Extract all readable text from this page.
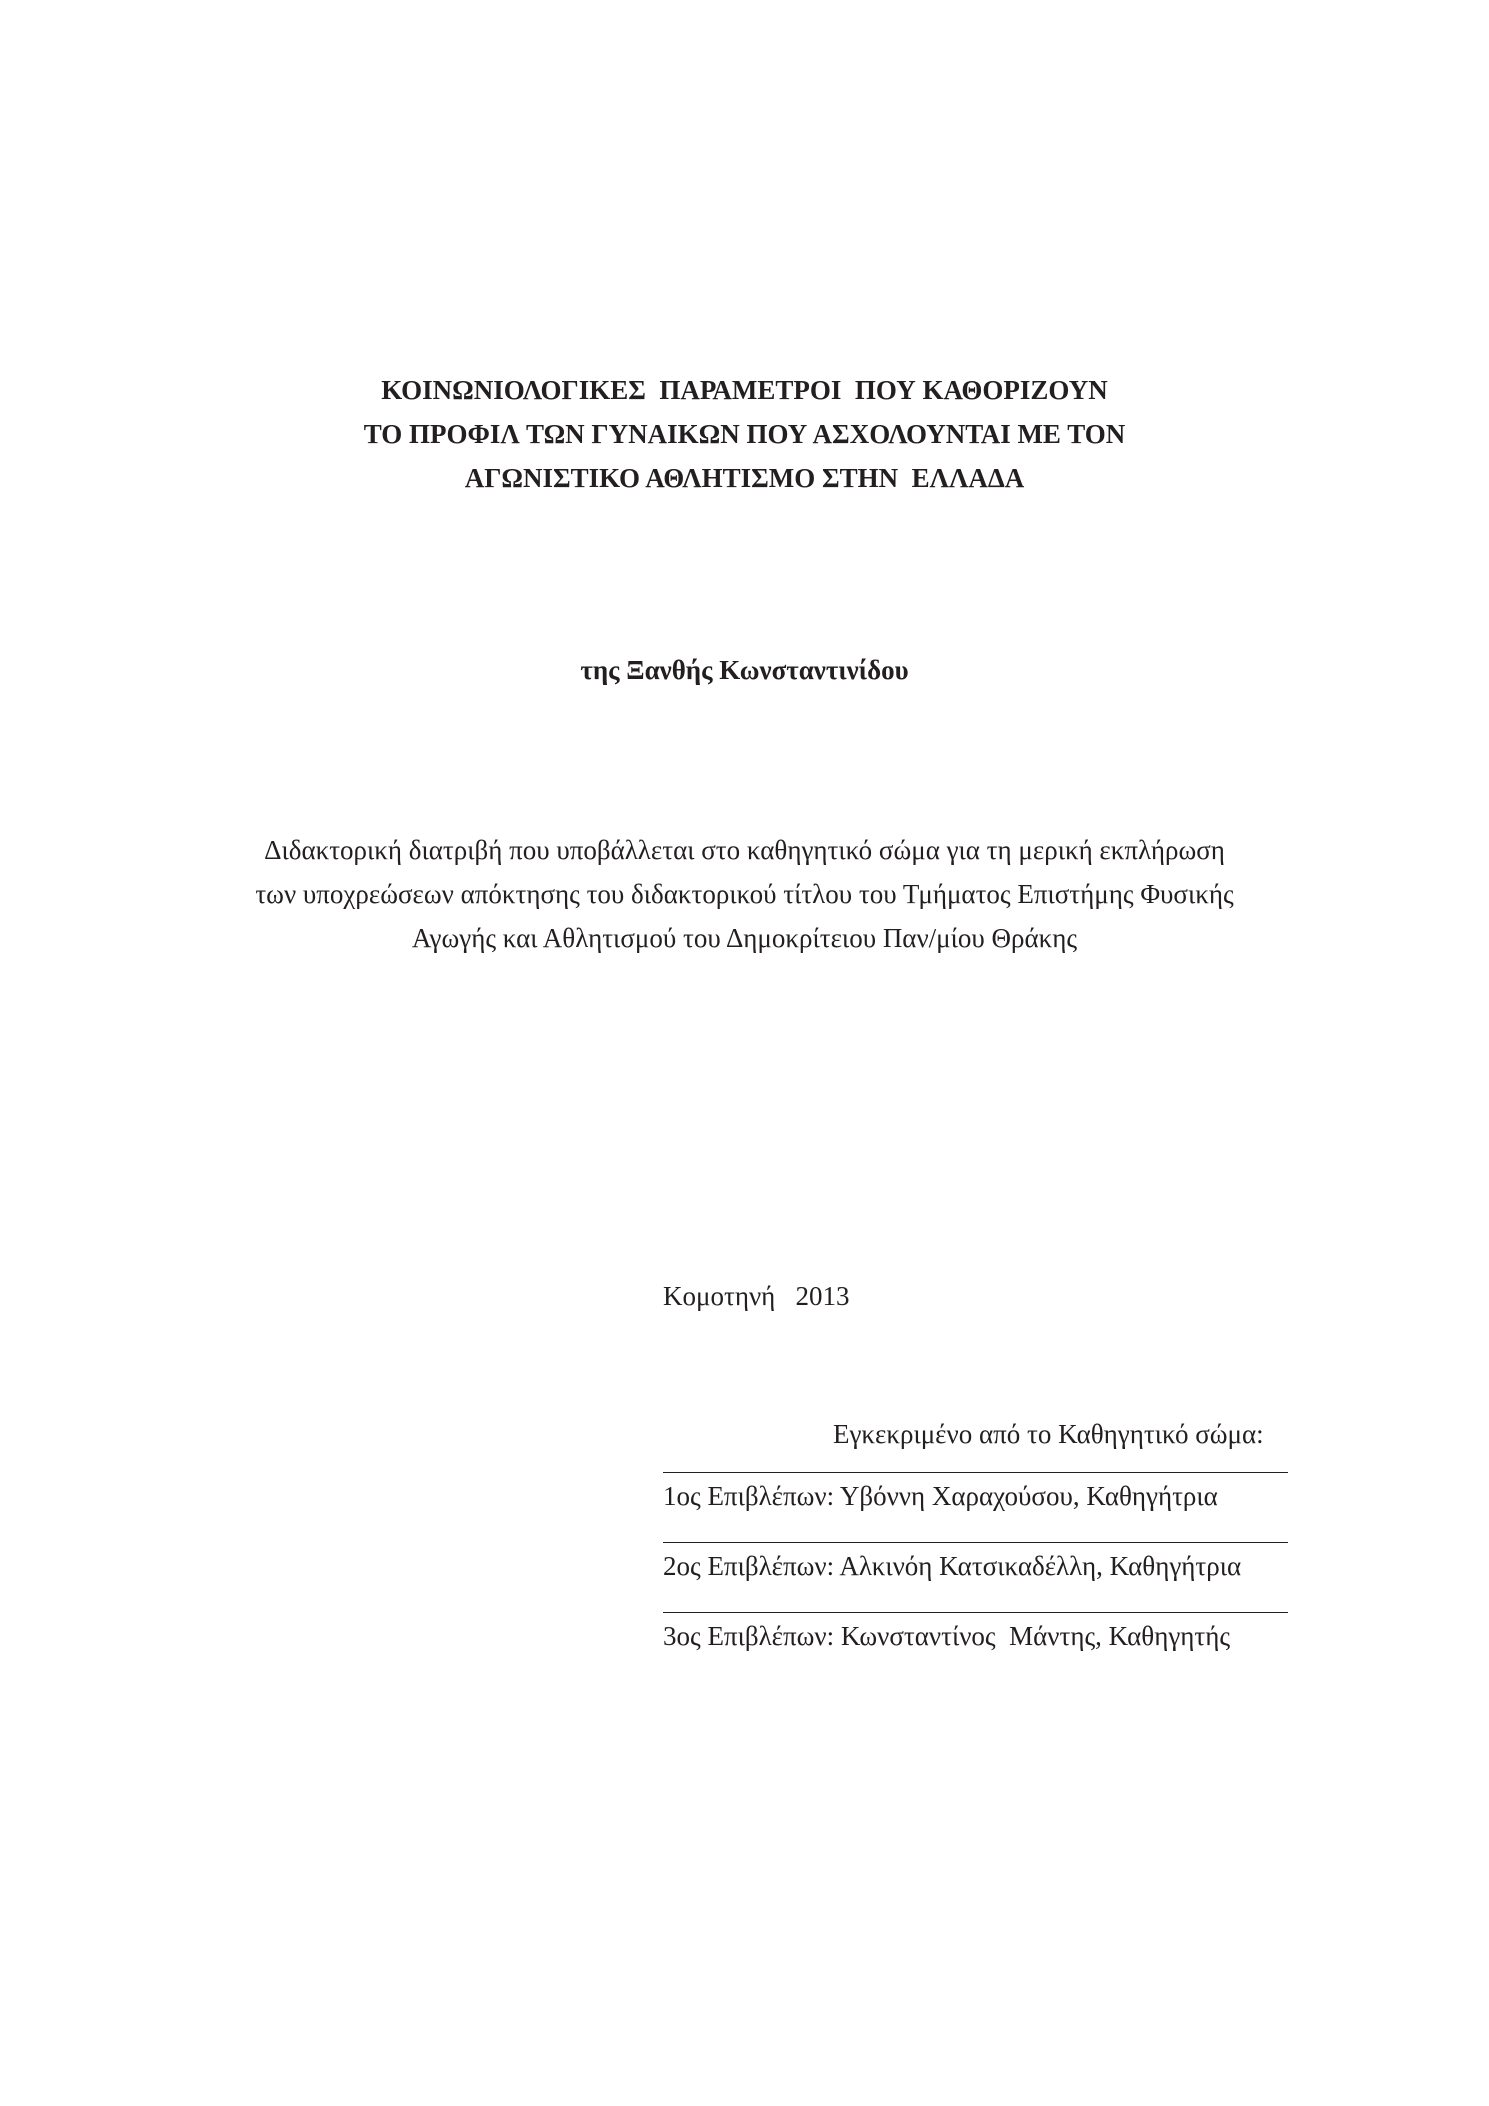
ΚΟΙΝΩΝΙΟΛΟΓΙΚΕΣ  ΠΑΡΑΜΕΤΡΟΙ  ΠΟΥ ΚΑΘΟΡΙΖΟΥΝ
ΤΟ ΠΡΟΦΙΛ ΤΩΝ ΓΥΝΑΙΚΩΝ ΠΟΥ ΑΣΧΟΛΟΥΝΤΑΙ ΜΕ ΤΟΝ
ΑΓΩΝΙΣΤΙΚΟ ΑΘΛΗΤΙΣΜΟ ΣΤΗΝ  ΕΛΛΑΔΑ
της Ξανθής Κωνσταντινίδου
Διδακτορική διατριβή που υποβάλλεται στο καθηγητικό σώμα για τη μερική εκπλήρωση
των υποχρεώσεων απόκτησης του διδακτορικού τίτλου του Τμήματος Επιστήμης Φυσικής
Αγωγής και Αθλητισμού του Δημοκρίτειου Παν/μίου Θράκης
Κομοτηνή   2013
Εγκεκριμένο από το Καθηγητικό σώμα:
1ος Επιβλέπων: Υβόννη Χαραχούσου, Καθηγήτρια
2ος Επιβλέπων: Αλκινόη Κατσικαδέλλη, Καθηγήτρια
3ος Επιβλέπων: Κωνσταντίνος  Μάντης, Καθηγητής
